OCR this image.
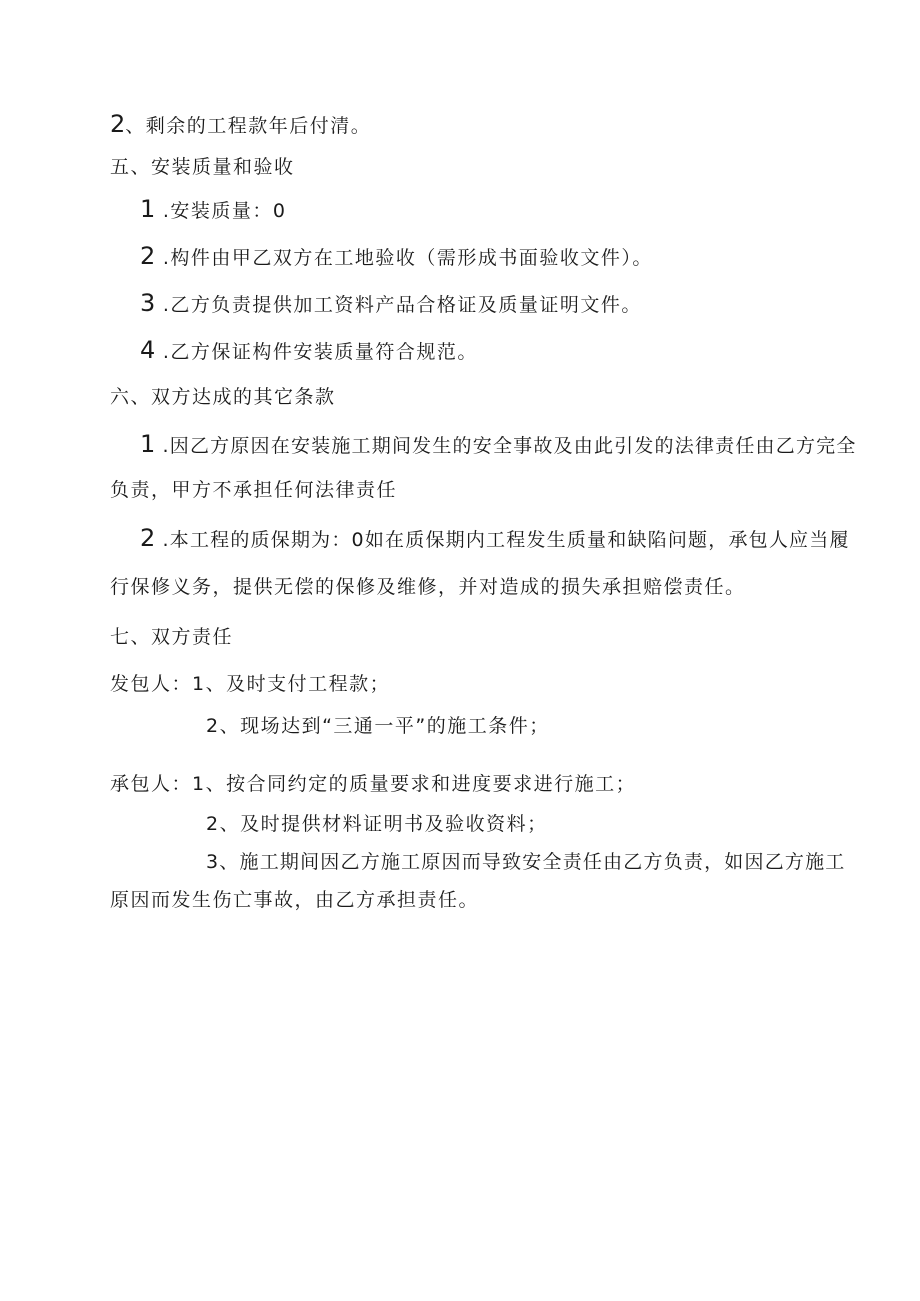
2、剩余的工程款年后付清。
五、安装质量和验收
1 .安装质量：0
2 .构件由甲乙双方在工地验收（需形成书面验收文件）。
3 .乙方负责提供加工资料产品合格证及质量证明文件。
4 .乙方保证构件安装质量符合规范。
六、双方达成的其它条款
1 .因乙方原因在安装施工期间发生的安全事故及由此引发的法律责任由乙方完全
负责，甲方不承担任何法律责任
2 .本工程的质保期为：0如在质保期内工程发生质量和缺陷问题，承包人应当履
行保修义务，提供无偿的保修及维修，并对造成的损失承担赔偿责任。
七、双方责任
发包人：1、及时支付工程款；
2、现场达到“三通一平”的施工条件；
承包人：1、按合同约定的质量要求和进度要求进行施工；
2、及时提供材料证明书及验收资料；
3、施工期间因乙方施工原因而导致安全责任由乙方负责，如因乙方施工
原因而发生伤亡事故，由乙方承担责任。
